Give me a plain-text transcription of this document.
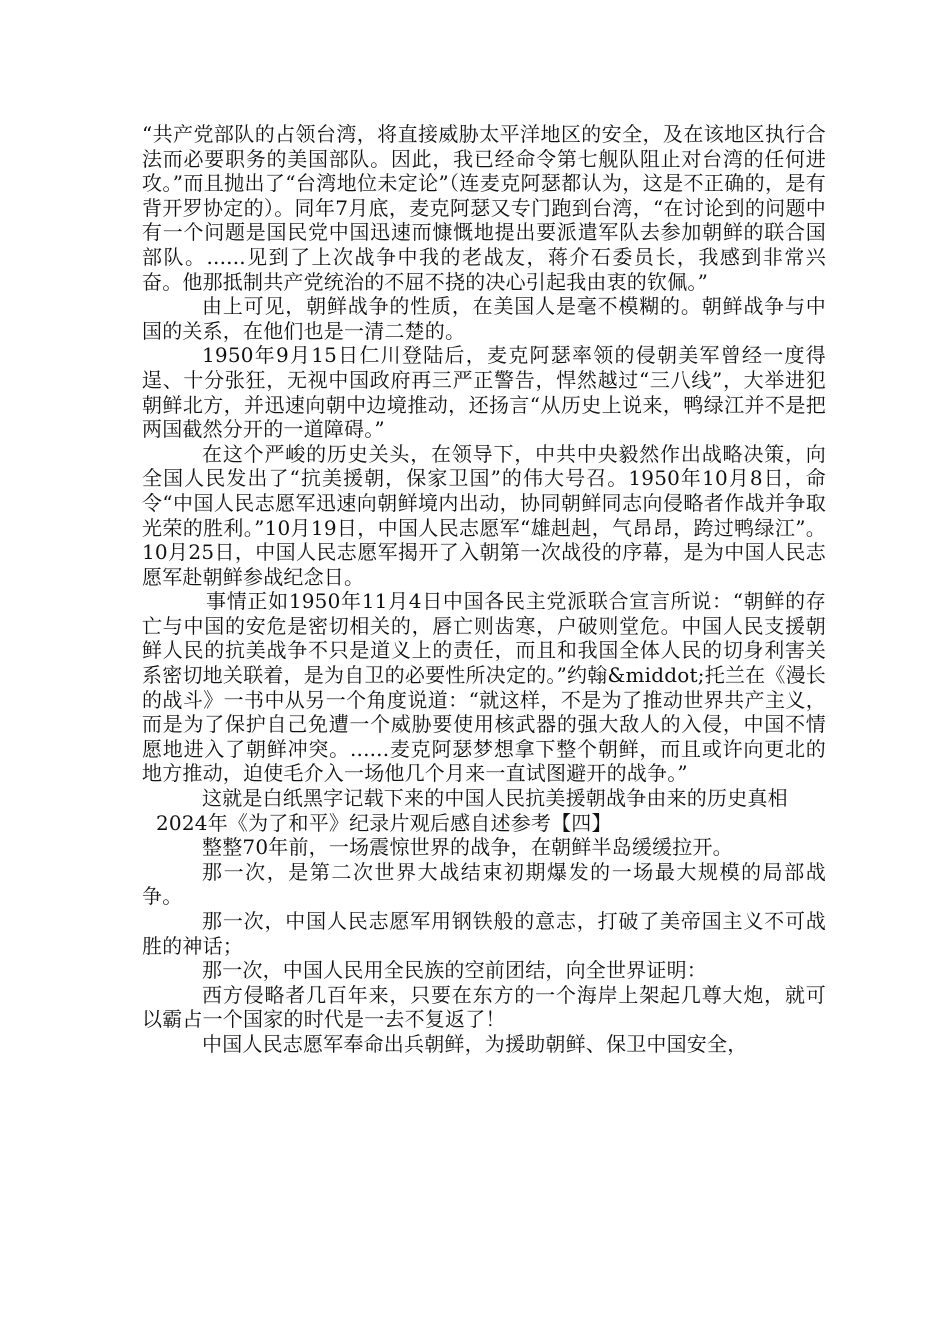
“共产党部队的占领台湾，将直接威胁太平洋地区的安全，及在该地区执行合法而必要职务的美国部队。因此，我已经命令第七舰队阻止对台湾的任何进攻。”而且抛出了“台湾地位未定论”（连麦克阿瑟都认为，这是不正确的，是有背开罗协定的）。同年7月底，麦克阿瑟又专门跑到台湾，“在讨论到的问题中有一个问题是国民党中国迅速而慷慨地提出要派遣军队去参加朝鲜的联合国部队。......见到了上次战争中我的老战友，蒋介石委员长，我感到非常兴奋。他那抵制共产党统治的不屈不挠的决心引起我由衷的钦佩。”

由上可见，朝鲜战争的性质，在美国人是毫不模糊的。朝鲜战争与中国的关系，在他们也是一清二楚的。

1950年9月15日仁川登陆后，麦克阿瑟率领的侵朝美军曾经一度得逞、十分张狂，无视中国政府再三严正警告，悍然越过“三八线”，大举进犯朝鲜北方，并迅速向朝中边境推动，还扬言“从历史上说来，鸭绿江并不是把两国截然分开的一道障碍。”

在这个严峻的历史关头，在领导下，中共中央毅然作出战略决策，向全国人民发出了“抗美援朝，保家卫国”的伟大号召。1950年10月8日，命令“中国人民志愿军迅速向朝鲜境内出动，协同朝鲜同志向侵略者作战并争取光荣的胜利。”10月19日，中国人民志愿军“雄赳赳，气昂昂，跨过鸭绿江”。10月25日，中国人民志愿军揭开了入朝第一次战役的序幕，是为中国人民志愿军赴朝鲜参战纪念日。

事情正如1950年11月4日中国各民主党派联合宣言所说：“朝鲜的存亡与中国的安危是密切相关的，唇亡则齿寒，户破则堂危。中国人民支援朝鲜人民的抗美战争不只是道义上的责任，而且和我国全体人民的切身利害关系密切地关联着，是为自卫的必要性所决定的。”约翰&middot;托兰在《漫长的战斗》一书中从另一个角度说道：“就这样，不是为了推动世界共产主义，而是为了保护自己免遭一个威胁要使用核武器的强大敌人的入侵，中国不情愿地进入了朝鲜冲突。......麦克阿瑟梦想拿下整个朝鲜，而且或许向更北的地方推动，迫使毛介入一场他几个月来一直试图避开的战争。”

这就是白纸黑字记载下来的中国人民抗美援朝战争由来的历史真相

2024年《为了和平》纪录片观后感自述参考【四】

整整70年前，一场震惊世界的战争，在朝鲜半岛缓缓拉开。

那一次，是第二次世界大战结束初期爆发的一场最大规模的局部战争。

那一次，中国人民志愿军用钢铁般的意志，打破了美帝国主义不可战胜的神话；

那一次，中国人民用全民族的空前团结，向全世界证明：

西方侵略者几百年来，只要在东方的一个海岸上架起几尊大炮，就可以霸占一个国家的时代是一去不复返了！

中国人民志愿军奉命出兵朝鲜，为援助朝鲜、保卫中国安全，
